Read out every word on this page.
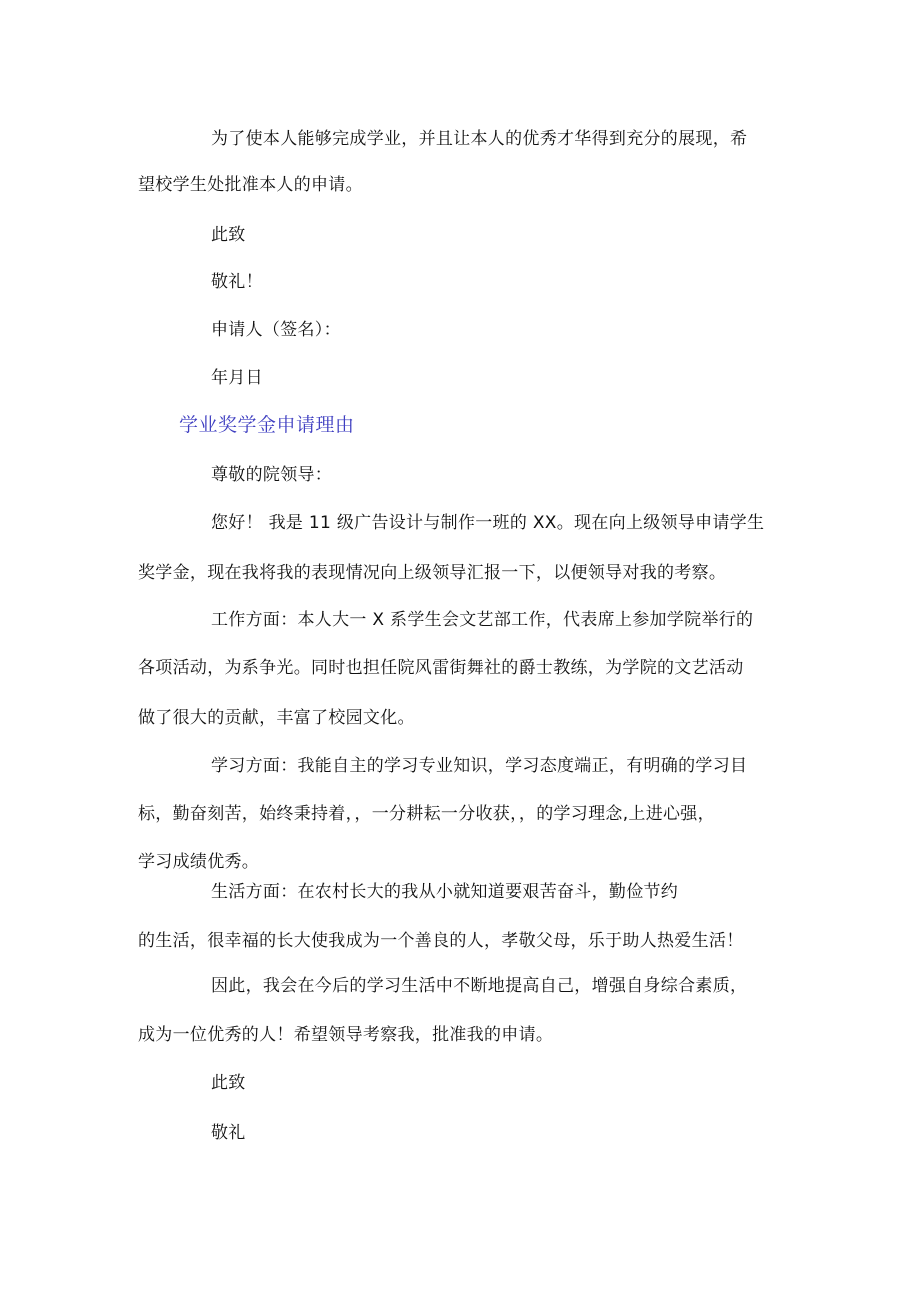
为了使本人能够完成学业，并且让本人的优秀才华得到充分的展现，希
望校学生处批准本人的申请。
此致
敬礼！
申请人（签名）：
年月日
学业奖学金申请理由
尊敬的院领导：
您好！ 我是 11 级广告设计与制作一班的 XX。现在向上级领导申请学生
奖学金，现在我将我的表现情况向上级领导汇报一下，以便领导对我的考察。
工作方面：本人大一 X 系学生会文艺部工作，代表席上参加学院举行的
各项活动，为系争光。同时也担任院风雷街舞社的爵士教练，为学院的文艺活动
做了很大的贡献，丰富了校园文化。
学习方面：我能自主的学习专业知识，学习态度端正，有明确的学习目
标，勤奋刻苦，始终秉持着，，一分耕耘一分收获，，的学习理念,上进心强，
学习成绩优秀。
生活方面：在农村长大的我从小就知道要艰苦奋斗，勤俭节约
的生活，很幸福的长大使我成为一个善良的人，孝敬父母，乐于助人热爱生活！
因此，我会在今后的学习生活中不断地提高自己，增强自身综合素质，
成为一位优秀的人！希望领导考察我，批准我的申请。
此致
敬礼
